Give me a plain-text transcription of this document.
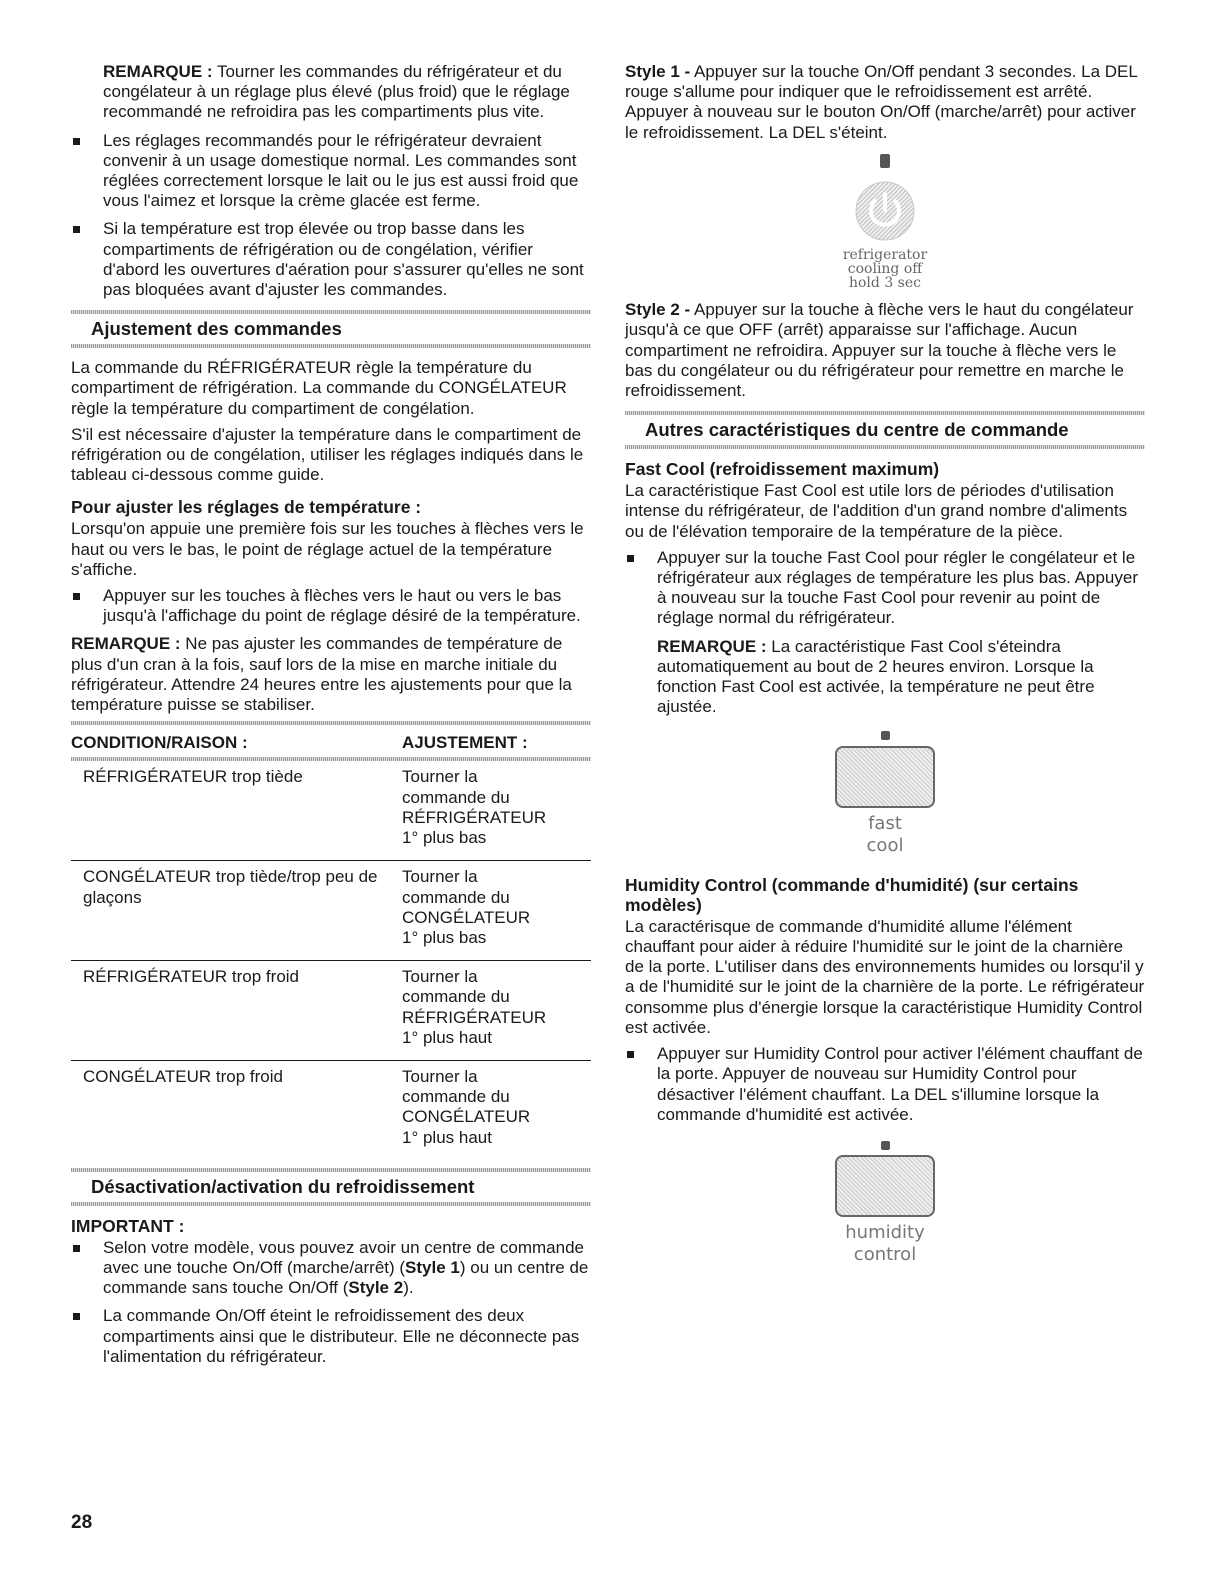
REMARQUE : Tourner les commandes du réfrigérateur et du congélateur à un réglage plus élevé (plus froid) que le réglage recommandé ne refroidira pas les compartiments plus vite.

Les réglages recommandés pour le réfrigérateur devraient convenir à un usage domestique normal. Les commandes sont réglées correctement lorsque le lait ou le jus est aussi froid que vous l'aimez et lorsque la crème glacée est ferme.
Si la température est trop élevée ou trop basse dans les compartiments de réfrigération ou de congélation, vérifier d'abord les ouvertures d'aération pour s'assurer qu'elles ne sont pas bloquées avant d'ajuster les commandes.
Ajustement des commandes

La commande du RÉFRIGÉRATEUR règle la température du compartiment de réfrigération. La commande du CONGÉLATEUR règle la température du compartiment de congélation.

S'il est nécessaire d'ajuster la température dans le compartiment de réfrigération ou de congélation, utiliser les réglages indiqués dans le tableau ci-dessous comme guide.

Pour ajuster les réglages de température :

Lorsqu'on appuie une première fois sur les touches à flèches vers le haut ou vers le bas, le point de réglage actuel de la température s'affiche.

Appuyer sur les touches à flèches vers le haut ou vers le bas jusqu'à l'affichage du point de réglage désiré de la température.

REMARQUE : Ne pas ajuster les commandes de température de plus d'un cran à la fois, sauf lors de la mise en marche initiale du réfrigérateur. Attendre 24 heures entre les ajustements pour que la température puisse se stabiliser.

CONDITION/RAISON :	AJUSTEMENT :

RÉFRIGÉRATEUR trop tiède	Tourner la commande du RÉFRIGÉRATEUR 1° plus bas
CONGÉLATEUR trop tiède/trop peu de glaçons	Tourner la commande du CONGÉLATEUR 1° plus bas
RÉFRIGÉRATEUR trop froid	Tourner la commande du RÉFRIGÉRATEUR 1° plus haut
CONGÉLATEUR trop froid	Tourner la commande du CONGÉLATEUR 1° plus haut
Désactivation/activation du refroidissement
IMPORTANT :
Selon votre modèle, vous pouvez avoir un centre de commande avec une touche On/Off (marche/arrêt) (Style 1) ou un centre de commande sans touche On/Off (Style 2).
La commande On/Off éteint le refroidissement des deux compartiments ainsi que le distributeur. Elle ne déconnecte pas l'alimentation du réfrigérateur.

Style 1 - Appuyer sur la touche On/Off pendant 3 secondes. La DEL rouge s'allume pour indiquer que le refroidissement est arrêté. Appuyer à nouveau sur le bouton On/Off (marche/arrêt) pour activer le refroidissement. La DEL s'éteint.

refrigerator
cooling off
hold 3 sec

Style 2 - Appuyer sur la touche à flèche vers le haut du congélateur jusqu'à ce que OFF (arrêt) apparaisse sur l'affichage. Aucun compartiment ne refroidira. Appuyer sur la touche à flèche vers le bas du congélateur ou du réfrigérateur pour remettre en marche le refroidissement.

Autres caractéristiques du centre de commande
Fast Cool (refroidissement maximum)

La caractéristique Fast Cool est utile lors de périodes d'utilisation intense du réfrigérateur, de l'addition d'un grand nombre d'aliments ou de l'élévation temporaire de la température de la pièce.

Appuyer sur la touche Fast Cool pour régler le congélateur et le réfrigérateur aux réglages de température les plus bas. Appuyer à nouveau sur la touche Fast Cool pour revenir au point de réglage normal du réfrigérateur.

REMARQUE : La caractéristique Fast Cool s'éteindra automatiquement au bout de 2 heures environ. Lorsque la fonction Fast Cool est activée, la température ne peut être ajustée.

fast
cool
Humidity Control (commande d'humidité) (sur certains modèles)

La caractérisque de commande d'humidité allume l'élément chauffant pour aider à réduire l'humidité sur le joint de la charnière de la porte. L'utiliser dans des environnements humides ou lorsqu'il y a de l'humidité sur le joint de la charnière de la porte. Le réfrigérateur consomme plus d'énergie lorsque la caractéristique Humidity Control est activée.

Appuyer sur Humidity Control pour activer l'élément chauffant de la porte. Appuyer de nouveau sur Humidity Control pour désactiver l'élément chauffant. La DEL s'illumine lorsque la commande d'humidité est activée.
humidity
control
28
